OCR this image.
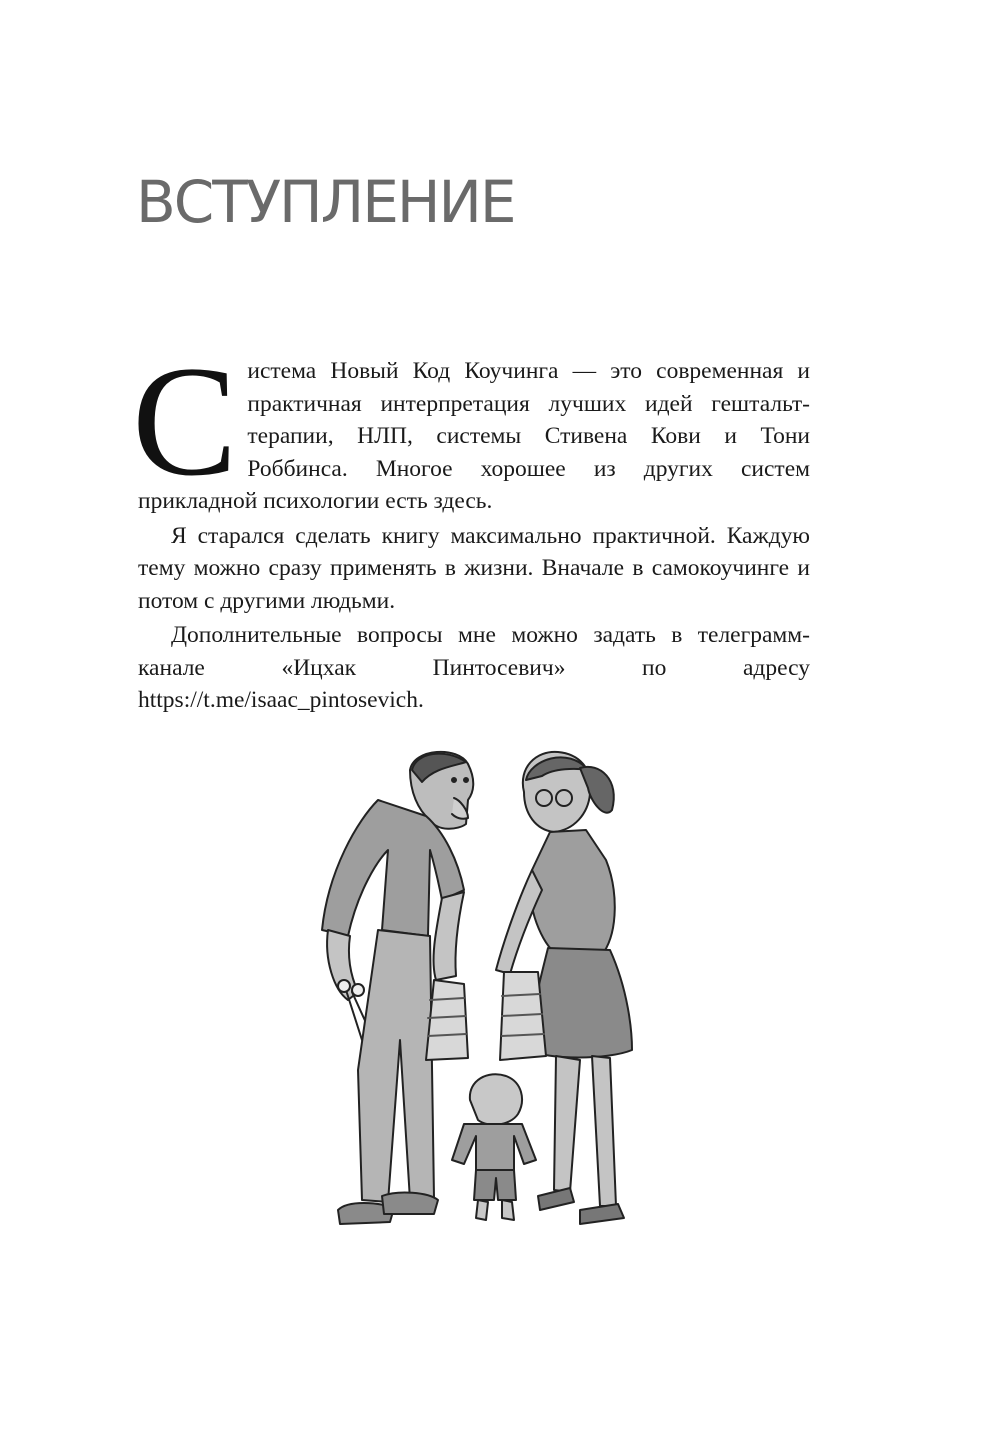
ВСТУПЛЕНИЕ

Система Новый Код Коучинга — это современная и практичная интерпретация лучших идей гештальт-терапии, НЛП, системы Стивена Кови и Тони Роббинса. Многое хорошее из других систем прикладной психологии есть здесь.

Я старался сделать книгу максимально практичной. Каждую тему можно сразу применять в жизни. Вначале в самокоучинге и потом с другими людьми.

Дополнительные вопросы мне можно задать в телеграмм-канале «Ицхак Пинтосевич» по адресу https://t.me/isaac_pintosevich.
